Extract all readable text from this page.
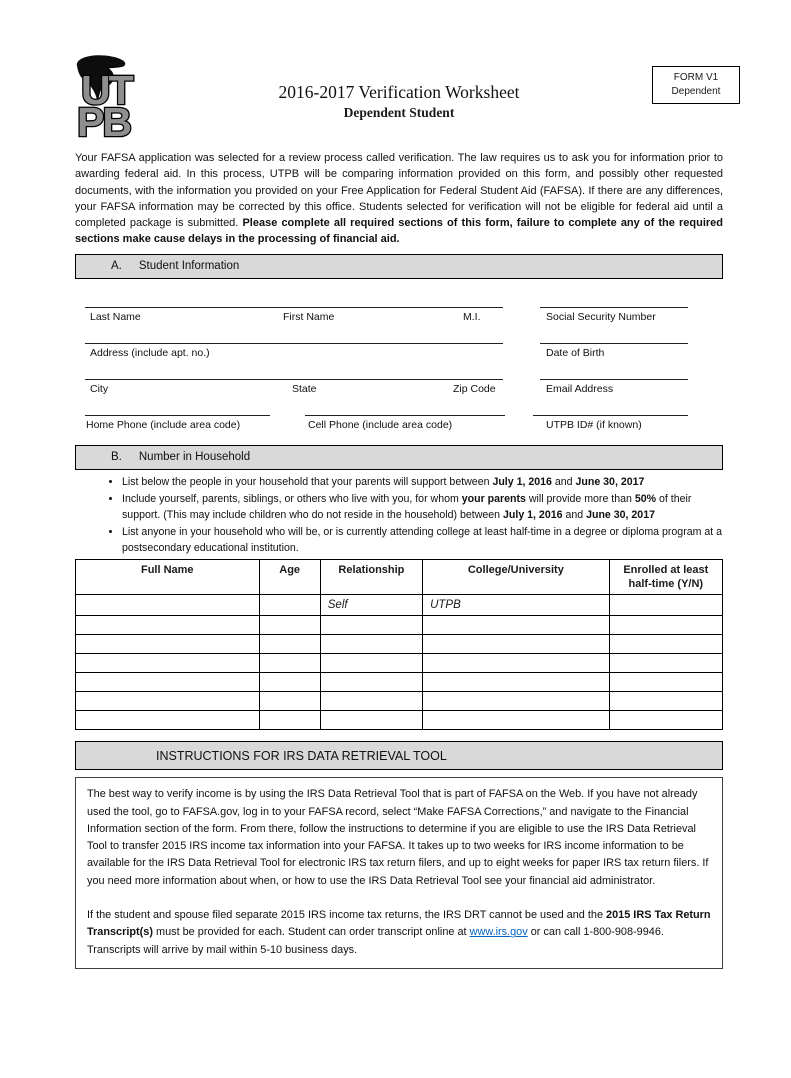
UT
PB
2016-2017 Verification Worksheet
Dependent Student
FORM V1
Dependent

Your FAFSA application was selected for a review process called verification. The law requires us to ask you for information prior to awarding federal aid. In this process, UTPB will be comparing information provided on this form, and possibly other requested documents, with the information you provided on your Free Application for Federal Student Aid (FAFSA). If there are any differences, your FAFSA information may be corrected by this office. Students selected for verification will not be eligible for federal aid until a completed package is submitted. Please complete all required sections of this form, failure to complete any of the required sections make cause delays in the processing of financial aid.

A. Student Information
Last Name	First Name	M.I.	Social Security Number
Address (include apt. no.)	Date of Birth
City	State	Zip Code	Email Address
Home Phone (include area code)	Cell Phone (include area code)	UTPB ID# (if known)
B. Number in Household
• List below the people in your household that your parents will support between July 1, 2016 and June 30, 2017
• Include yourself, parents, siblings, or others who live with you, for whom your parents will provide more than 50% of their support. (This may include children who do not reside in the household) between July 1, 2016 and June 30, 2017
• List anyone in your household who will be, or is currently attending college at least half-time in a degree or diploma program at a postsecondary educational institution.
Full Name	Age	Relationship	College/University	Enrolled at least half-time (Y/N)
		Self	UTPB	

INSTRUCTIONS FOR IRS DATA RETRIEVAL TOOL

The best way to verify income is by using the IRS Data Retrieval Tool that is part of FAFSA on the Web. If you have not already used the tool, go to FAFSA.gov, log in to your FAFSA record, select “Make FAFSA Corrections,” and navigate to the Financial Information section of the form. From there, follow the instructions to determine if you are eligible to use the IRS Data Retrieval Tool to transfer 2015 IRS income tax information into your FAFSA. It takes up to two weeks for IRS income information to be available for the IRS Data Retrieval Tool for electronic IRS tax return filers, and up to eight weeks for paper IRS tax return filers. If you need more information about when, or how to use the IRS Data Retrieval Tool see your financial aid administrator.

If the student and spouse filed separate 2015 IRS income tax returns, the IRS DRT cannot be used and the 2015 IRS Tax Return Transcript(s) must be provided for each. Student can order transcript online at www.irs.gov or can call 1-800-908-9946. Transcripts will arrive by mail within 5-10 business days.
